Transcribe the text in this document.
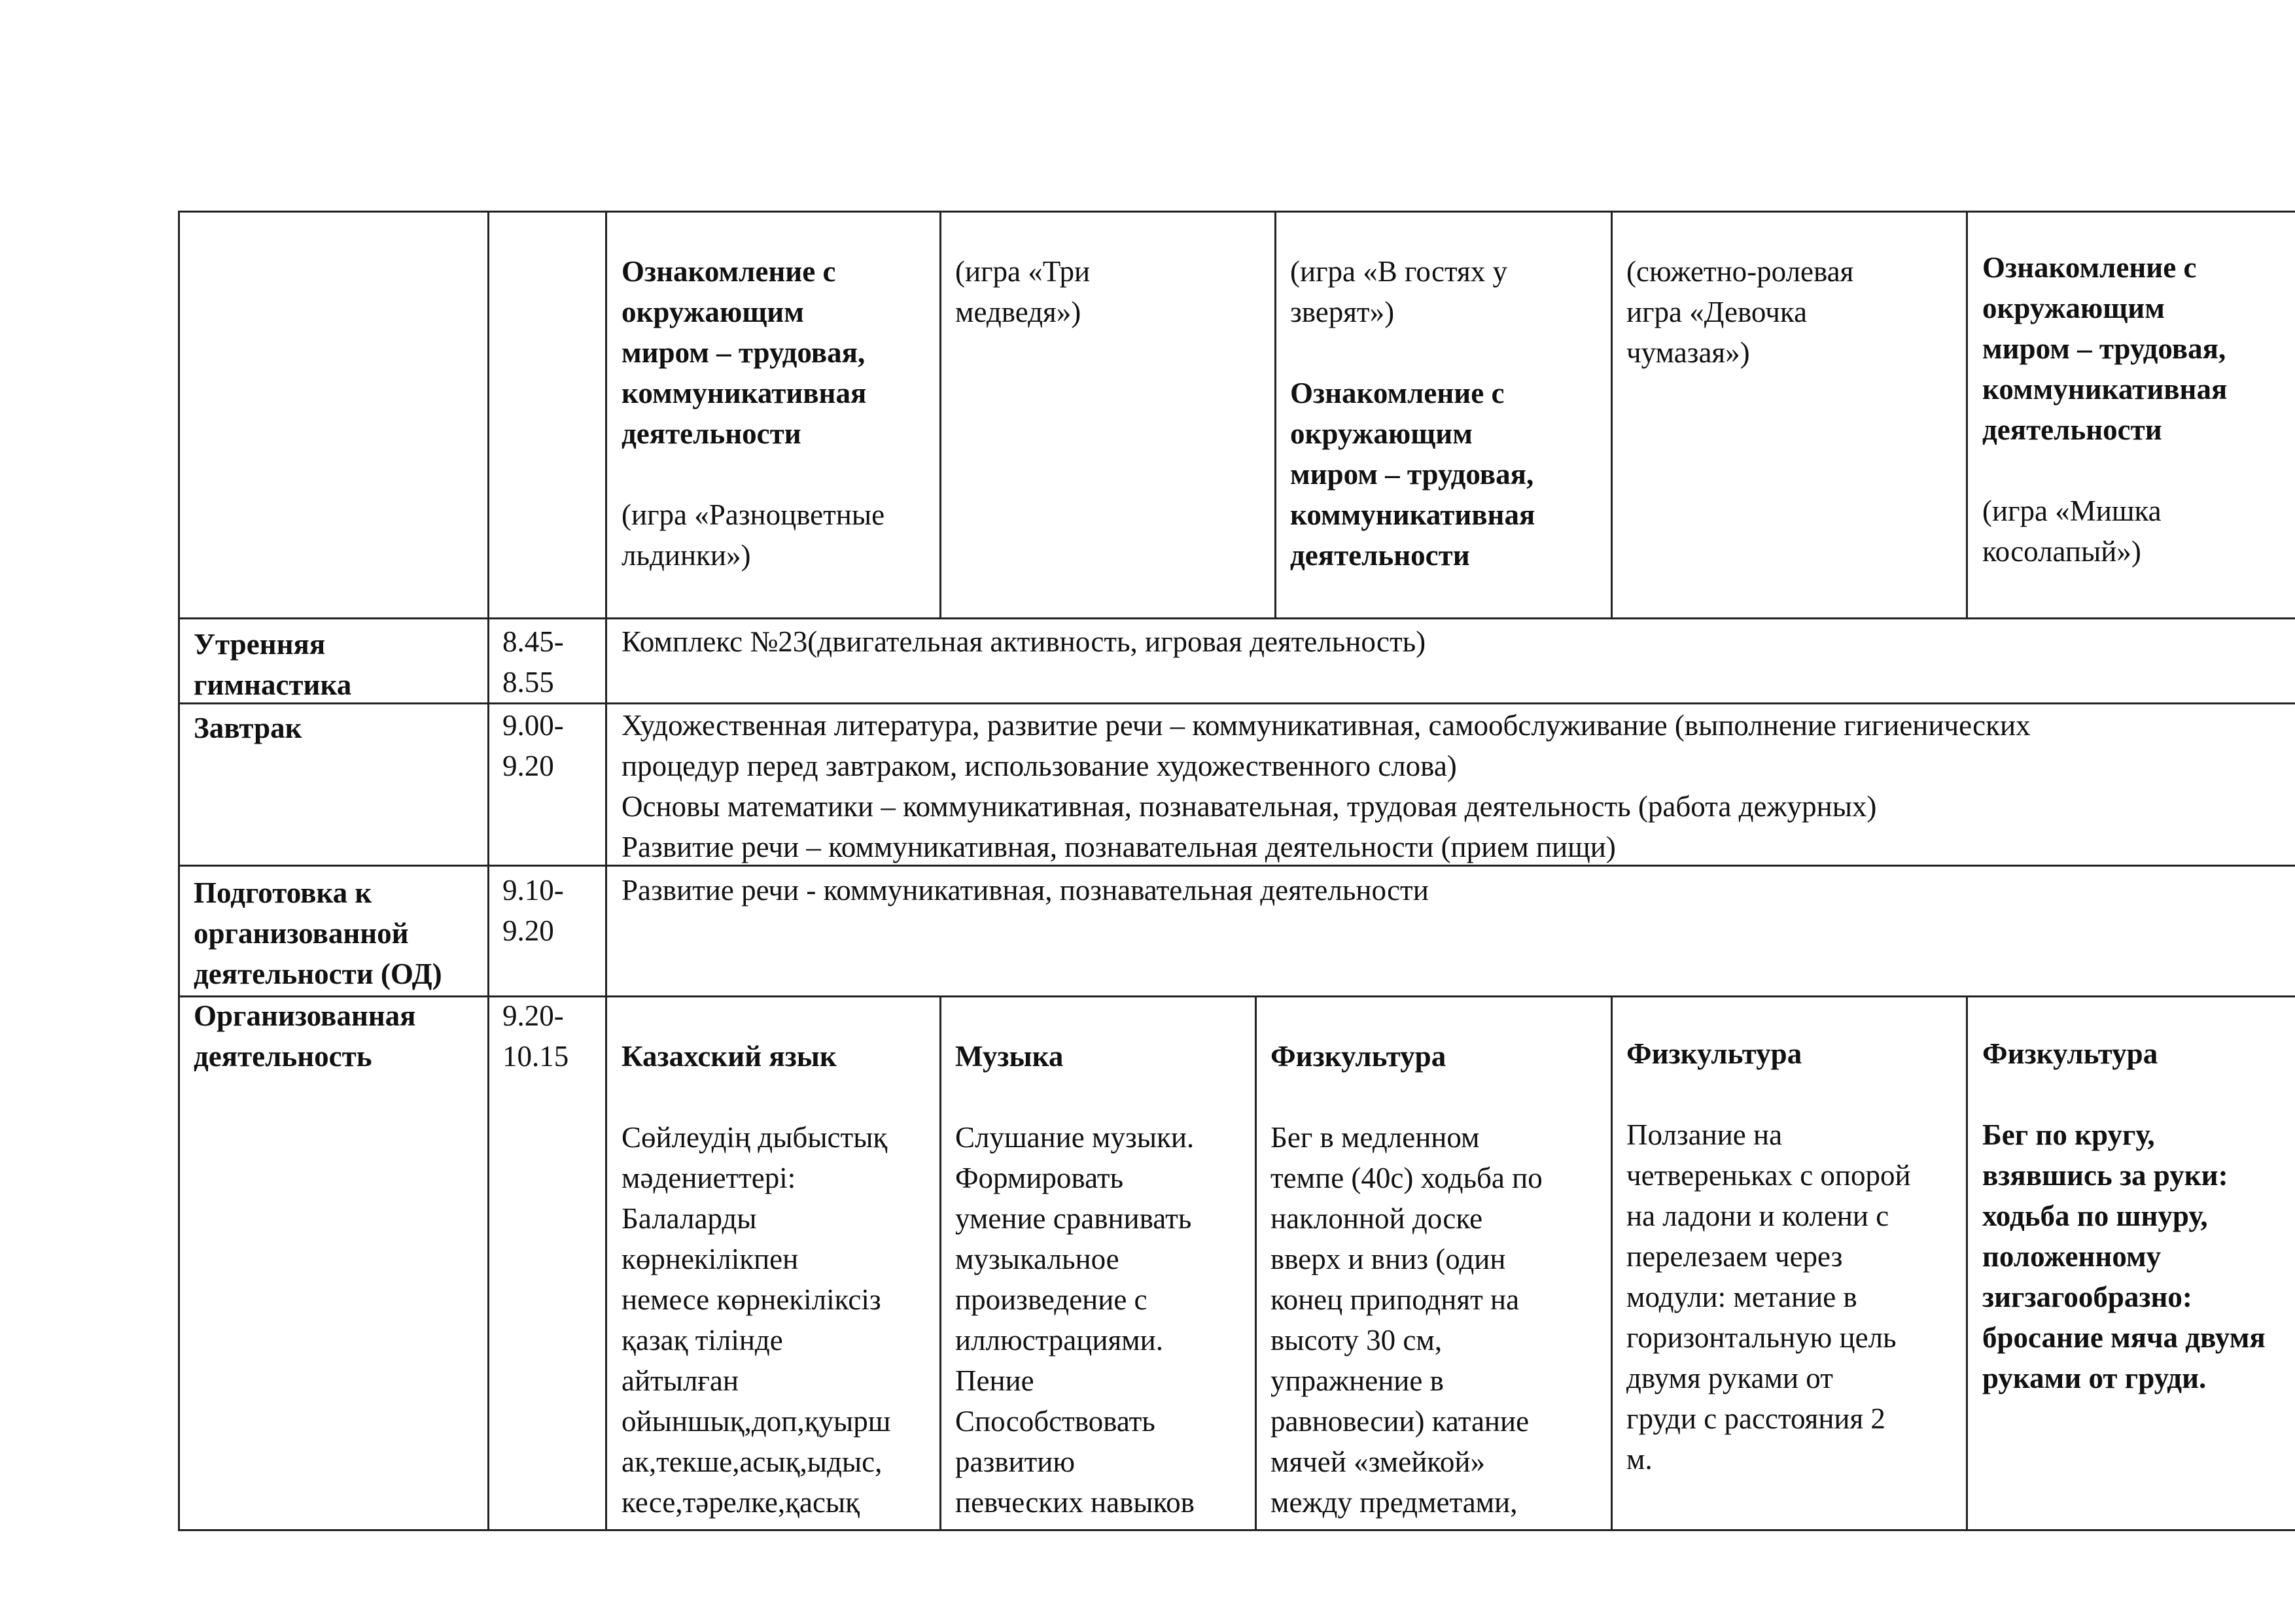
Ознакомление с
окружающим
миром – трудовая,
коммуникативная
деятельности

(игра «Разноцветные
льдинки»)

(игра «Три
медведя»)

(игра «В гостях у
зверят»)

Ознакомление с
окружающим
миром – трудовая,
коммуникативная
деятельности

(сюжетно-ролевая
игра «Девочка
чумазая»)

Ознакомление с
окружающим
миром – трудовая,
коммуникативная
деятельности

(игра «Мишка
косолапый»)

Утренняя
гимнастика
8.45-
8.55
Комплекс №23(двигательная активность, игровая деятельность)
Завтрак	9.00-
9.20
Художественная литература, развитие речи – коммуникативная, самообслуживание (выполнение гигиенических
процедур перед завтраком, использование художественного слова)
Основы математики – коммуникативная, познавательная, трудовая деятельность (работа дежурных)
Развитие речи – коммуникативная, познавательная деятельности (прием пищи)
Подготовка к
организованной
деятельности (ОД)
9.10-
9.20
Развитие речи - коммуникативная, познавательная деятельности
Организованная
деятельность
9.20-
10.15	Казахский язык

Сөйлеудің дыбыстық
мәдениеттері:
Балаларды
көрнекілікпен
немесе көрнекіліксіз
қазақ тілінде
айтылған
ойыншық,доп,қуырш
ак,текше,асық,ыдыс,
кесе,тәрелке,қасық

Музыка

Слушание музыки.
Формировать
умение сравнивать
музыкальное
произведение с
иллюстрациями.
Пение
Способствовать
развитию
певческих навыков

Физкультура

Бег в медленном
темпе (40с) ходьба по
наклонной доске
вверх и вниз (один
конец приподнят на
высоту 30 см,
упражнение в
равновесии) катание
мячей «змейкой»
между предметами,

Физкультура

Ползание на
четвереньках с опорой
на ладони и колени с
перелезаем через
модули: метание в
горизонтальную цель
двумя руками от
груди с расстояния 2
м.

Физкультура

Бег по кругу,
взявшись за руки:
ходьба по шнуру,
положенному
зигзагообразно:
бросание мяча двумя
руками от груди.
